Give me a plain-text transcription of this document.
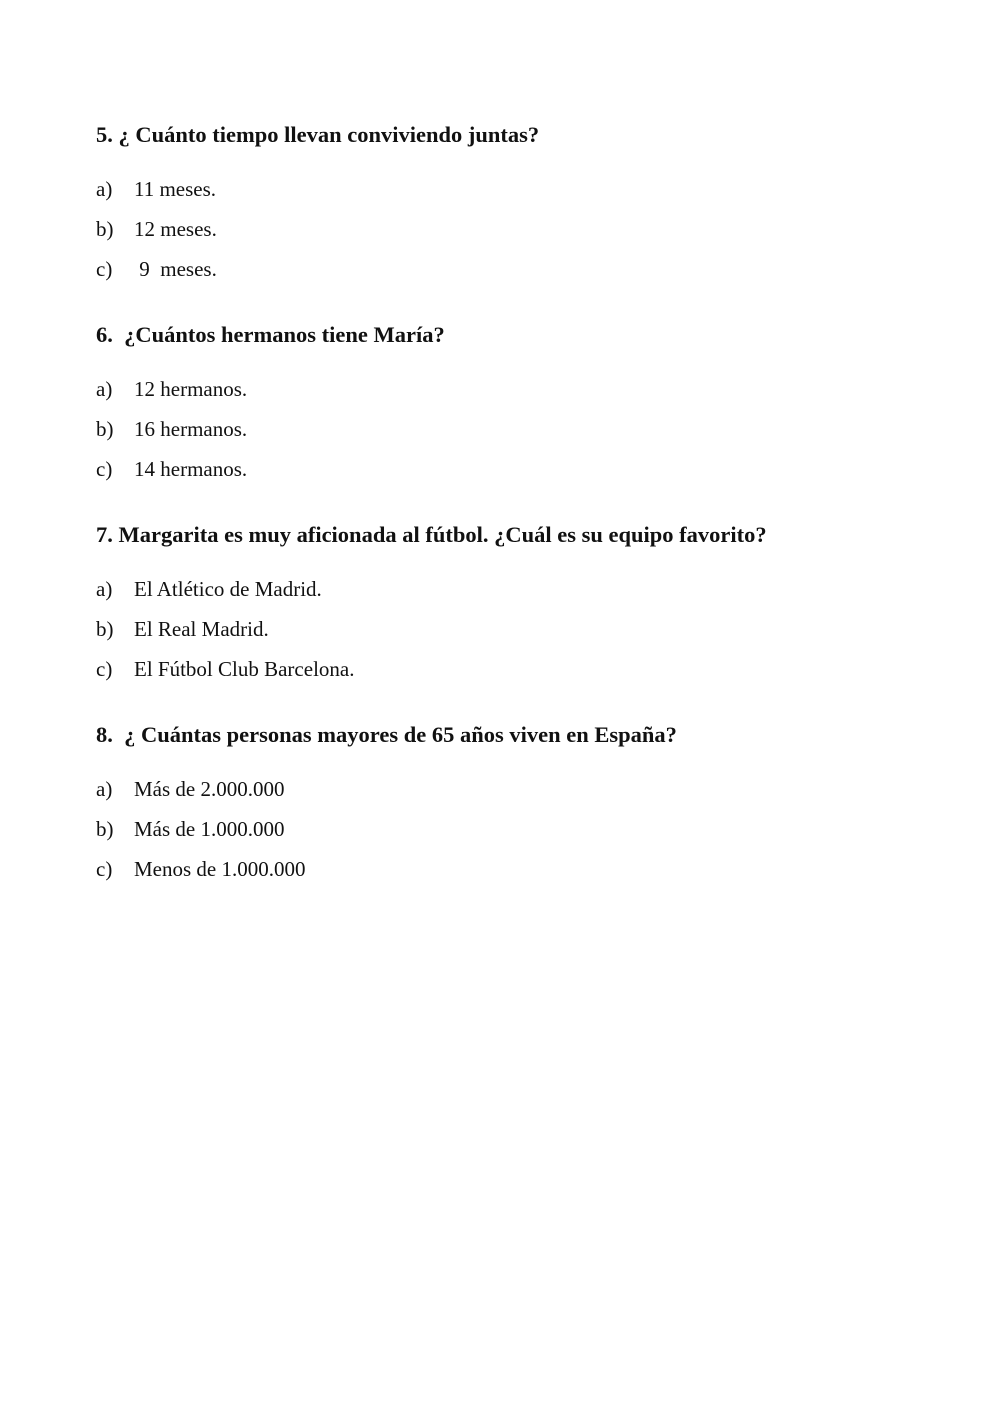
5. ¿ Cuánto tiempo llevan conviviendo juntas?

a)	11 meses.
b) 12 meses.
c)	9  meses.

6.  ¿Cuántos hermanos tiene María?

a)	12 hermanos.
b) 16 hermanos.
c)	14 hermanos.

7. Margarita es muy aficionada al fútbol. ¿Cuál es su equipo favorito?

a)	El Atlético de Madrid.
b) El Real Madrid.
c)	El Fútbol Club Barcelona.

8.  ¿ Cuántas personas mayores de 65 años viven en España?

a)	Más de 2.000.000
b) Más de 1.000.000
c)	Menos de 1.000.000
